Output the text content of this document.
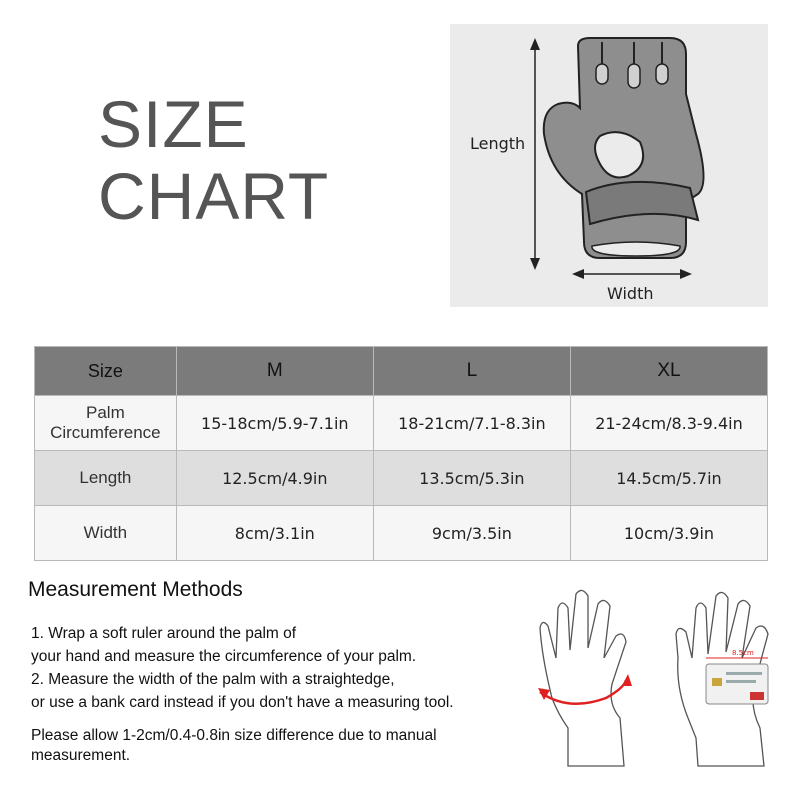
SIZE
CHART
Length
Width
Size	M	L	XL

Palm
Circumference	15-18cm/5.9-7.1in	18-21cm/7.1-8.3in	21-24cm/8.3-9.4in
Length	12.5cm/4.9in	13.5cm/5.3in	14.5cm/5.7in
Width	8cm/3.1in	9cm/3.5in	10cm/3.9in
Measurement Methods
1. Wrap a soft ruler around the palm of
your hand and measure the circumference of your palm.
2. Measure the width of the palm with a straightedge,
or use a bank card instead if you don't have a measuring tool.
Please allow 1-2cm/0.4-0.8in size difference due to manual measurement.
8.5cm
